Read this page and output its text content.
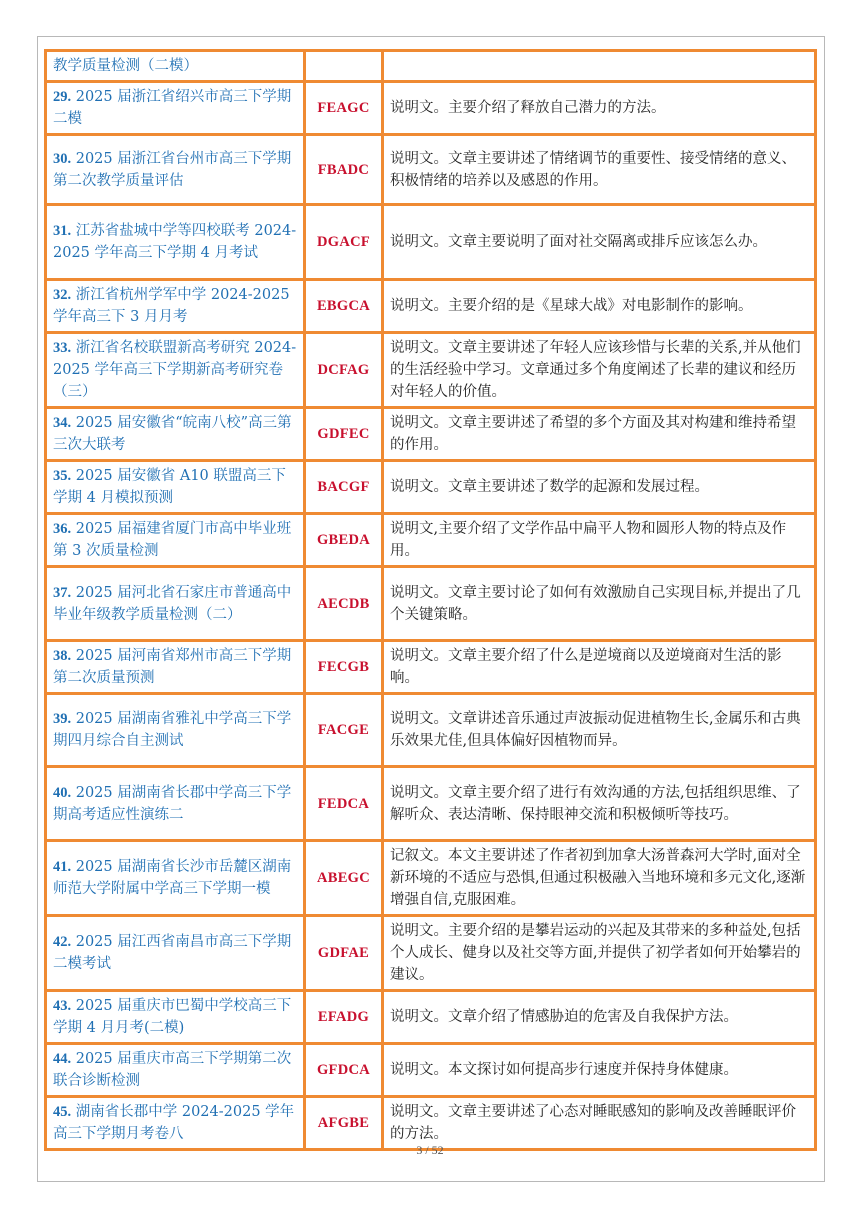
教学质量检测（二模）		
29. 2025 届浙江省绍兴市高三下学期二模	FEAGC	说明文。主要介绍了释放自己潜力的方法。
30. 2025 届浙江省台州市高三下学期第二次教学质量评估	FBADC	说明文。文章主要讲述了情绪调节的重要性、接受情绪的意义、积极情绪的培养以及感恩的作用。
31. 江苏省盐城中学等四校联考 2024-2025 学年高三下学期 4 月考试	DGACF	说明文。文章主要说明了面对社交隔离或排斥应该怎么办。
32. 浙江省杭州学军中学 2024-2025 学年高三下 3 月月考	EBGCA	说明文。主要介绍的是《星球大战》对电影制作的影响。
33. 浙江省名校联盟新高考研究 2024-2025 学年高三下学期新高考研究卷（三）	DCFAG	说明文。文章主要讲述了年轻人应该珍惜与长辈的关系,并从他们的生活经验中学习。文章通过多个角度阐述了长辈的建议和经历对年轻人的价值。
34. 2025 届安徽省“皖南八校”高三第三次大联考	GDFEC	说明文。文章主要讲述了希望的多个方面及其对构建和维持希望的作用。
35. 2025 届安徽省 A10 联盟高三下学期 4 月模拟预测	BACGF	说明文。文章主要讲述了数学的起源和发展过程。
36. 2025 届福建省厦门市高中毕业班第 3 次质量检测	GBEDA	说明文,主要介绍了文学作品中扁平人物和圆形人物的特点及作用。
37. 2025 届河北省石家庄市普通高中毕业年级教学质量检测（二）	AECDB	说明文。文章主要讨论了如何有效激励自己实现目标,并提出了几个关键策略。
38. 2025 届河南省郑州市高三下学期第二次质量预测	FECGB	说明文。文章主要介绍了什么是逆境商以及逆境商对生活的影响。
39. 2025 届湖南省雅礼中学高三下学期四月综合自主测试	FACGE	说明文。文章讲述音乐通过声波振动促进植物生长,金属乐和古典乐效果尤佳,但具体偏好因植物而异。
40. 2025 届湖南省长郡中学高三下学期高考适应性演练二	FEDCA	说明文。文章主要介绍了进行有效沟通的方法,包括组织思维、了解听众、表达清晰、保持眼神交流和积极倾听等技巧。
41. 2025 届湖南省长沙市岳麓区湖南师范大学附属中学高三下学期一模	ABEGC	记叙文。本文主要讲述了作者初到加拿大汤普森河大学时,面对全新环境的不适应与恐惧,但通过积极融入当地环境和多元文化,逐渐增强自信,克服困难。
42. 2025 届江西省南昌市高三下学期二模考试	GDFAE	说明文。主要介绍的是攀岩运动的兴起及其带来的多种益处,包括个人成长、健身以及社交等方面,并提供了初学者如何开始攀岩的建议。
43. 2025 届重庆市巴蜀中学校高三下学期 4 月月考(二模)	EFADG	说明文。文章介绍了情感胁迫的危害及自我保护方法。
44. 2025 届重庆市高三下学期第二次联合诊断检测	GFDCA	说明文。本文探讨如何提高步行速度并保持身体健康。
45. 湖南省长郡中学 2024-2025 学年高三下学期月考卷八	AFGBE	说明文。文章主要讲述了心态对睡眠感知的影响及改善睡眠评价的方法。
3 / 52
